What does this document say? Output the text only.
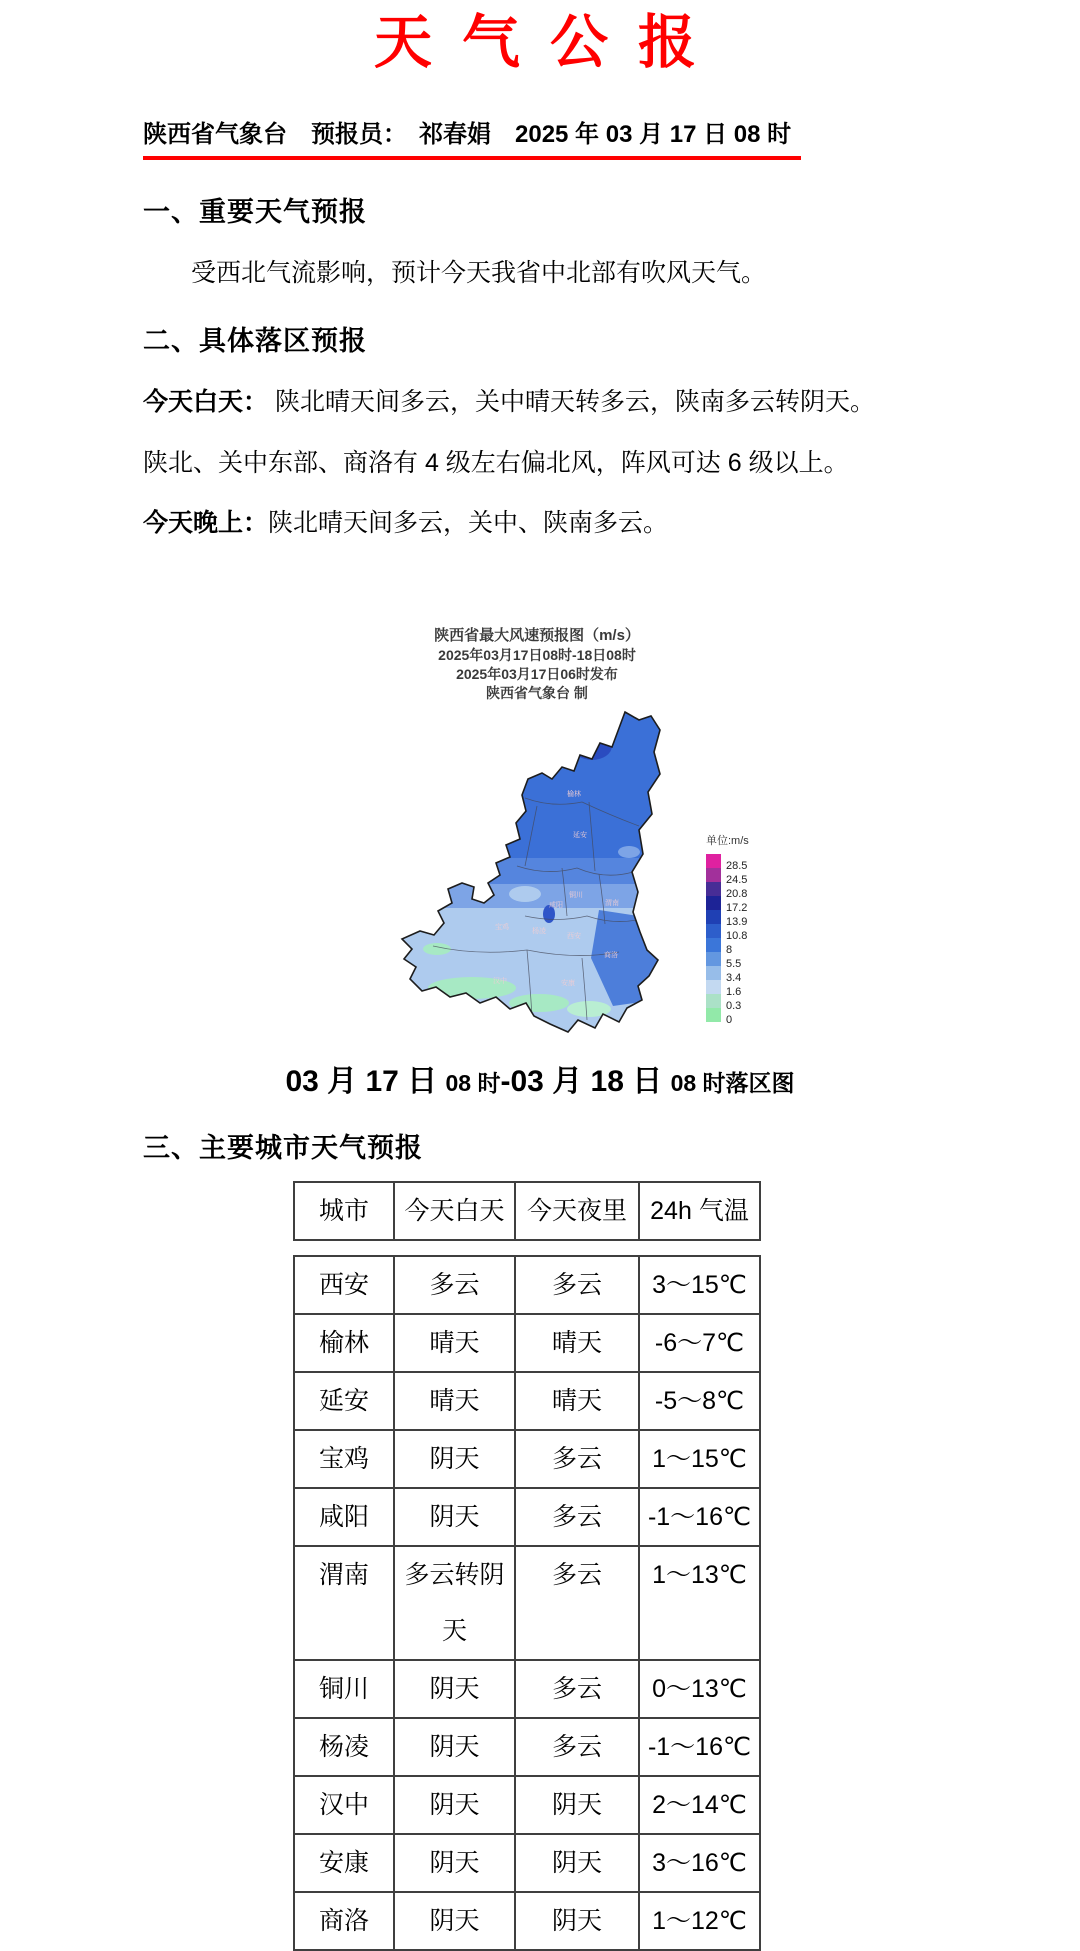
天气公报
陕西省气象台　预报员：　祁春娟　2025 年 03 月 17 日 08 时
一、重要天气预报
受西北气流影响，预计今天我省中北部有吹风天气。
二、具体落区预报
今天白天： 陕北晴天间多云，关中晴天转多云，陕南多云转阴天。
陕北、关中东部、商洛有 4 级左右偏北风，阵风可达 6 级以上。
今天晚上：陕北晴天间多云，关中、陕南多云。
陕西省最大风速预报图（m/s）
2025年03月17日08时-18日08时
2025年03月17日06时发布
陕西省气象台 制
榆林
延安
铜川
渭南
咸阳
宝鸡
杨凌
西安
商洛
汉中	安康
单位:m/s
28.5
24.5
20.8
17.2
13.9
10.8
8
5.5
3.4
1.6
0.3
0
03 月 17 日 08 时-03 月 18 日 08 时落区图
三、主要城市天气预报
城市	今天白天	今天夜里	24h 气温
西安	多云	多云	3～15℃
榆林	晴天	晴天	-6～7℃
延安	晴天	晴天	-5～8℃
宝鸡	阴天	多云	1～15℃
咸阳	阴天	多云	-1～16℃
渭南	多云转阴天	多云	1～13℃
铜川	阴天	多云	0～13℃
杨凌	阴天	多云	-1～16℃
汉中	阴天	阴天	2～14℃
安康	阴天	阴天	3～16℃
商洛	阴天	阴天	1～12℃
